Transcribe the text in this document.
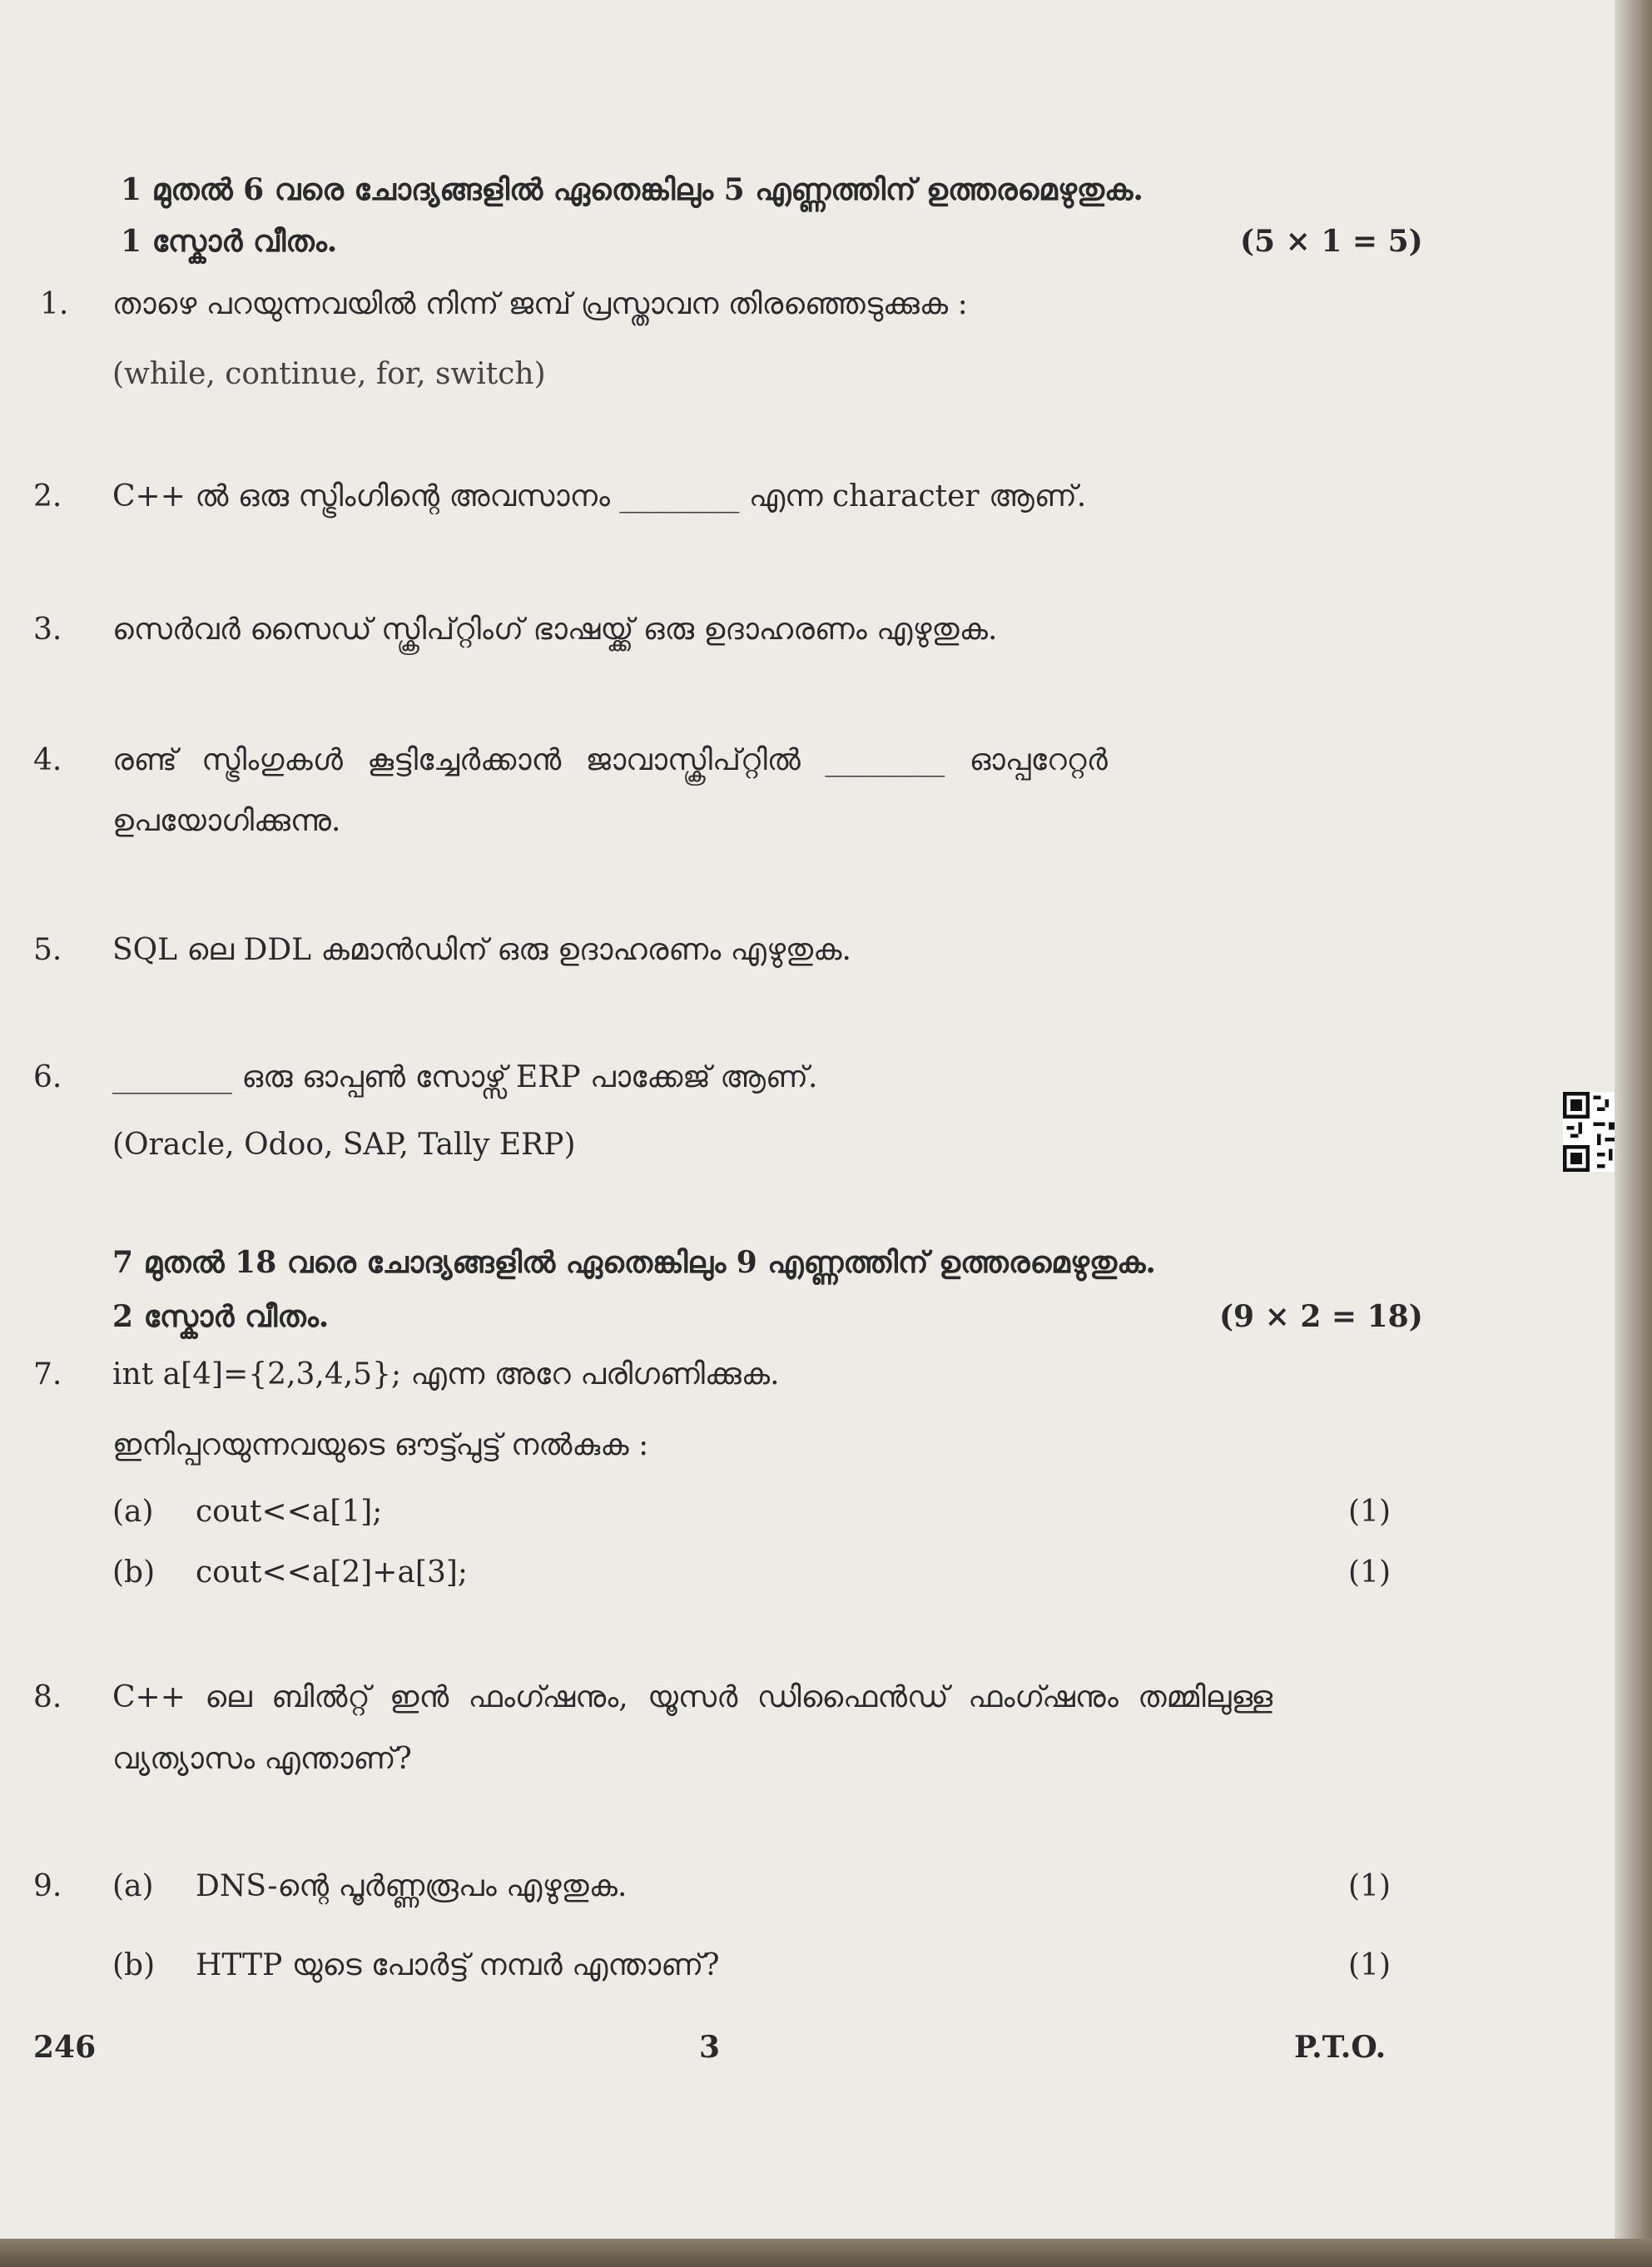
1 മുതൽ 6 വരെ ചോദ്യങ്ങളിൽ ഏതെങ്കിലും 5 എണ്ണത്തിന് ഉത്തരമെഴുതുക.
1 സ്കോർ വീതം.	(5 × 1 = 5)
1. താഴെ പറയുന്നവയിൽ നിന്ന് ജമ്പ് പ്രസ്താവന തിരഞ്ഞെടുക്കുക :
(while, continue, for, switch)
2. C++ ൽ ഒരു സ്ട്രിംഗിന്റെ അവസാനം ________ എന്ന character ആണ്.
3. സെർവർ സൈഡ് സ്ക്രിപ്റ്റിംഗ് ഭാഷയ്ക്ക് ഒരു ഉദാഹരണം എഴുതുക.
4. രണ്ട് സ്ട്രിംഗുകൾ കൂട്ടിച്ചേർക്കാൻ ജാവാസ്ക്രിപ്റ്റിൽ ________ ഓപ്പറേറ്റർ
ഉപയോഗിക്കുന്നു.
5. SQL ലെ DDL കമാൻഡിന് ഒരു ഉദാഹരണം എഴുതുക.
6. ________ ഒരു ഓപ്പൺ സോഴ്സ് ERP പാക്കേജ് ആണ്.
(Oracle, Odoo, SAP, Tally ERP)
7 മുതൽ 18 വരെ ചോദ്യങ്ങളിൽ ഏതെങ്കിലും 9 എണ്ണത്തിന് ഉത്തരമെഴുതുക.
2 സ്കോർ വീതം.	(9 × 2 = 18)
7. int a[4]={2,3,4,5}; എന്ന അറേ പരിഗണിക്കുക.
ഇനിപ്പറയുന്നവയുടെ ഔട്ട്പുട്ട് നൽകുക :
(a) cout<<a[1];	(1)
(b) cout<<a[2]+a[3];	(1)
8. C++ ലെ ബിൽറ്റ് ഇൻ ഫംഗ്ഷനും, യൂസർ ഡിഫൈൻഡ് ഫംഗ്ഷനും തമ്മിലുള്ള
വ്യത്യാസം എന്താണ്?
9. (a) DNS-ന്റെ പൂർണ്ണരൂപം എഴുതുക.	(1)
(b) HTTP യുടെ പോർട്ട് നമ്പർ എന്താണ്?	(1)
246	3	P.T.O.
